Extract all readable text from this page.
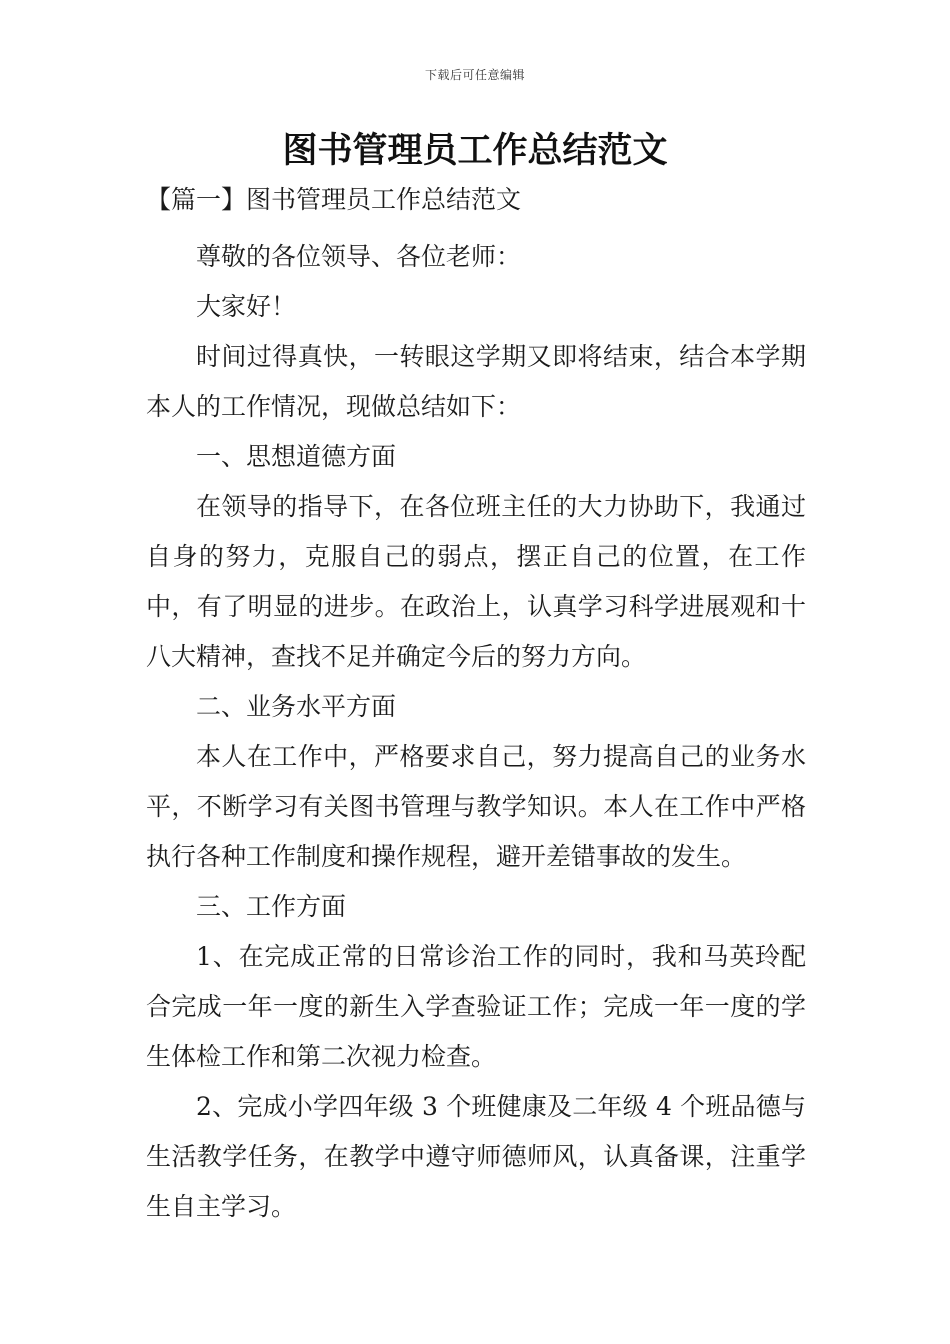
下载后可任意编辑
图书管理员工作总结范文

【篇一】图书管理员工作总结范文

尊敬的各位领导、各位老师：

大家好！

时间过得真快，一转眼这学期又即将结束，结合本学期本人的工作情况，现做总结如下：

一、思想道德方面

在领导的指导下，在各位班主任的大力协助下，我通过自身的努力，克服自己的弱点，摆正自己的位置，在工作中，有了明显的进步。在政治上，认真学习科学进展观和十八大精神，查找不足并确定今后的努力方向。

二、业务水平方面

本人在工作中，严格要求自己，努力提高自己的业务水平，不断学习有关图书管理与教学知识。本人在工作中严格执行各种工作制度和操作规程，避开差错事故的发生。

三、工作方面

1、在完成正常的日常诊治工作的同时，我和马英玲配合完成一年一度的新生入学查验证工作；完成一年一度的学生体检工作和第二次视力检查。

2、完成小学四年级 3 个班健康及二年级 4 个班品德与生活教学任务，在教学中遵守师德师风，认真备课，注重学生自主学习。
